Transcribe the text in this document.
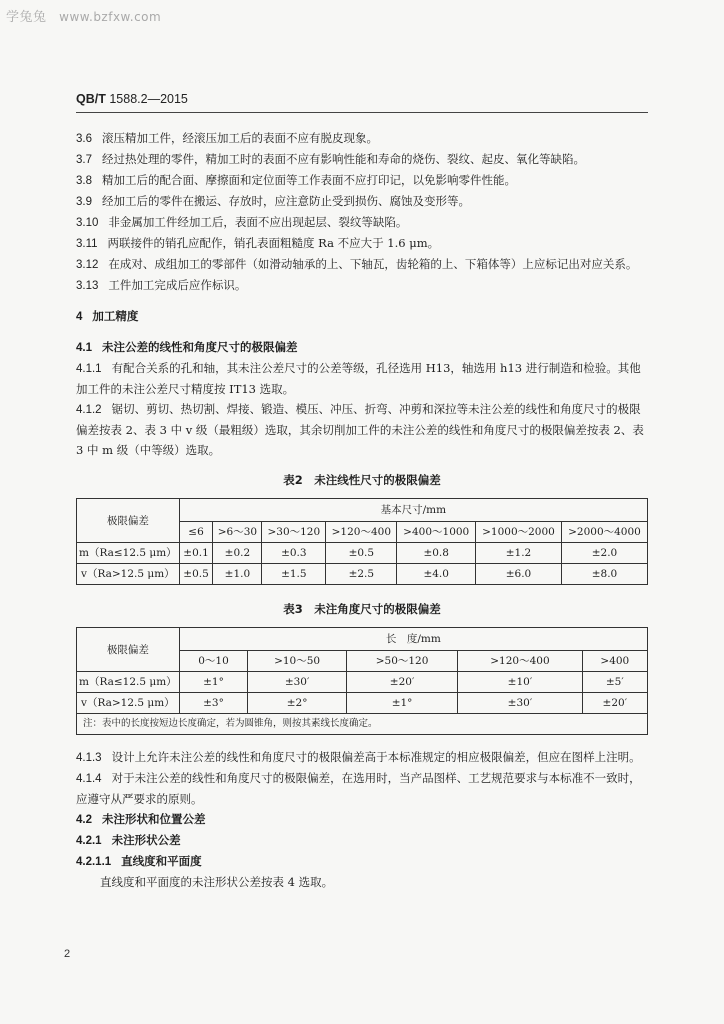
学兔兔 www.bzfxw.com
QB/T 1588.2—2015

3.6 滚压精加工件，经滚压加工后的表面不应有脱皮现象。

3.7 经过热处理的零件，精加工时的表面不应有影响性能和寿命的烧伤、裂纹、起皮、氧化等缺陷。

3.8 精加工后的配合面、摩擦面和定位面等工作表面不应打印记，以免影响零件性能。

3.9 经加工后的零件在搬运、存放时，应注意防止受到损伤、腐蚀及变形等。

3.10 非金属加工件经加工后，表面不应出现起层、裂纹等缺陷。

3.11 两联接件的销孔应配作，销孔表面粗糙度 Ra 不应大于 1.6 μm。

3.12 在成对、成组加工的零部件（如滑动轴承的上、下轴瓦，齿轮箱的上、下箱体等）上应标记出对应关系。

3.13 工件加工完成后应作标识。

4 加工精度

4.1 未注公差的线性和角度尺寸的极限偏差

4.1.1 有配合关系的孔和轴，其未注公差尺寸的公差等级，孔径选用 H13，轴选用 h13 进行制造和检验。其他加工件的未注公差尺寸精度按 IT13 选取。

4.1.2 锯切、剪切、热切割、焊接、锻造、模压、冲压、折弯、冲剪和深拉等未注公差的线性和角度尺寸的极限偏差按表 2、表 3 中 v 级（最粗级）选取，其余切削加工件的未注公差的线性和角度尺寸的极限偏差按表 2、表 3 中 m 级（中等级）选取。

表2　未注线性尺寸的极限偏差
极限偏差	基本尺寸/mm						
	≤6	>6～30	>30～120	>120～400	>400～1000	>1000～2000	>2000～4000
m（Ra≤12.5 μm）	±0.1	±0.2	±0.3	±0.5	±0.8	±1.2	±2.0
v（Ra>12.5 μm）	±0.5	±1.0	±1.5	±2.5	±4.0	±6.0	±8.0
表3　未注角度尺寸的极限偏差
极限偏差	长　度/mm				
	0～10	>10～50	>50～120	>120～400	>400
m（Ra≤12.5 μm）	±1°	±30′	±20′	±10′	±5′
v（Ra>12.5 μm）	±3°	±2°	±1°	±30′	±20′
注：表中的长度按短边长度确定，若为圆锥角，则按其素线长度确定。					

4.1.3 设计上允许未注公差的线性和角度尺寸的极限偏差高于本标准规定的相应极限偏差，但应在图样上注明。

4.1.4 对于未注公差的线性和角度尺寸的极限偏差，在选用时，当产品图样、工艺规范要求与本标准不一致时，应遵守从严要求的原则。

4.2 未注形状和位置公差

4.2.1 未注形状公差

4.2.1.1 直线度和平面度

直线度和平面度的未注形状公差按表 4 选取。

2
